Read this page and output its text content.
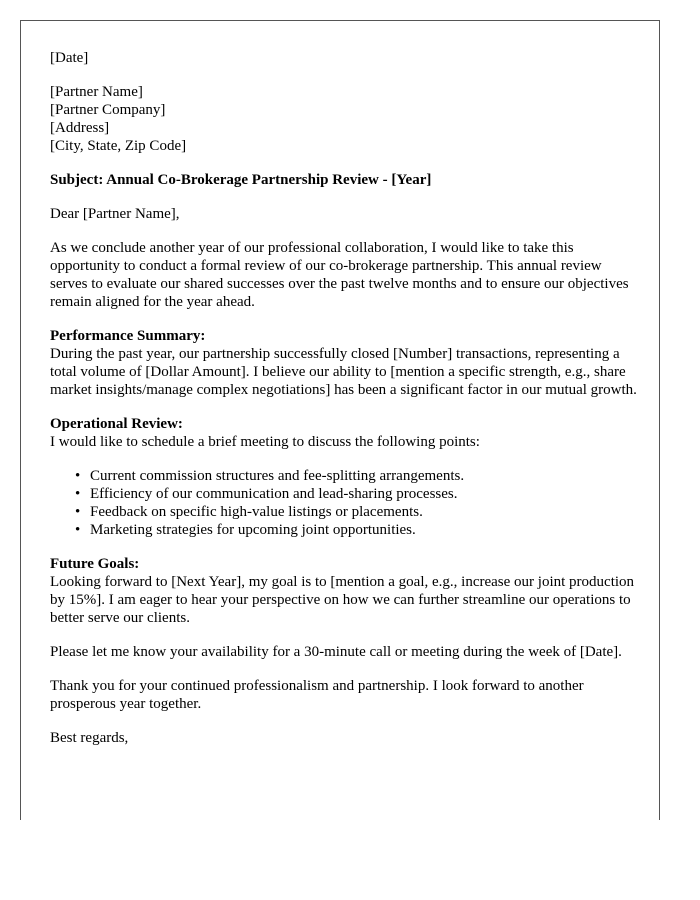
[Date]

[Partner Name]
[Partner Company]
[Address]
[City, State, Zip Code]

Subject: Annual Co-Brokerage Partnership Review - [Year]

Dear [Partner Name],

As we conclude another year of our professional collaboration, I would like to take this opportunity to conduct a formal review of our co-brokerage partnership. This annual review serves to evaluate our shared successes over the past twelve months and to ensure our objectives remain aligned for the year ahead.

Performance Summary:
During the past year, our partnership successfully closed [Number] transactions, representing a total volume of [Dollar Amount]. I believe our ability to [mention a specific strength, e.g., share market insights/manage complex negotiations] has been a significant factor in our mutual growth.
Operational Review:
I would like to schedule a brief meeting to discuss the following points:
• Current commission structures and fee-splitting arrangements.
• Efficiency of our communication and lead-sharing processes.
• Feedback on specific high-value listings or placements.
• Marketing strategies for upcoming joint opportunities.
Future Goals:
Looking forward to [Next Year], my goal is to [mention a goal, e.g., increase our joint production by 15%]. I am eager to hear your perspective on how we can further streamline our operations to better serve our clients.

Please let me know your availability for a 30-minute call or meeting during the week of [Date].

Thank you for your continued professionalism and partnership. I look forward to another prosperous year together.

Best regards,
